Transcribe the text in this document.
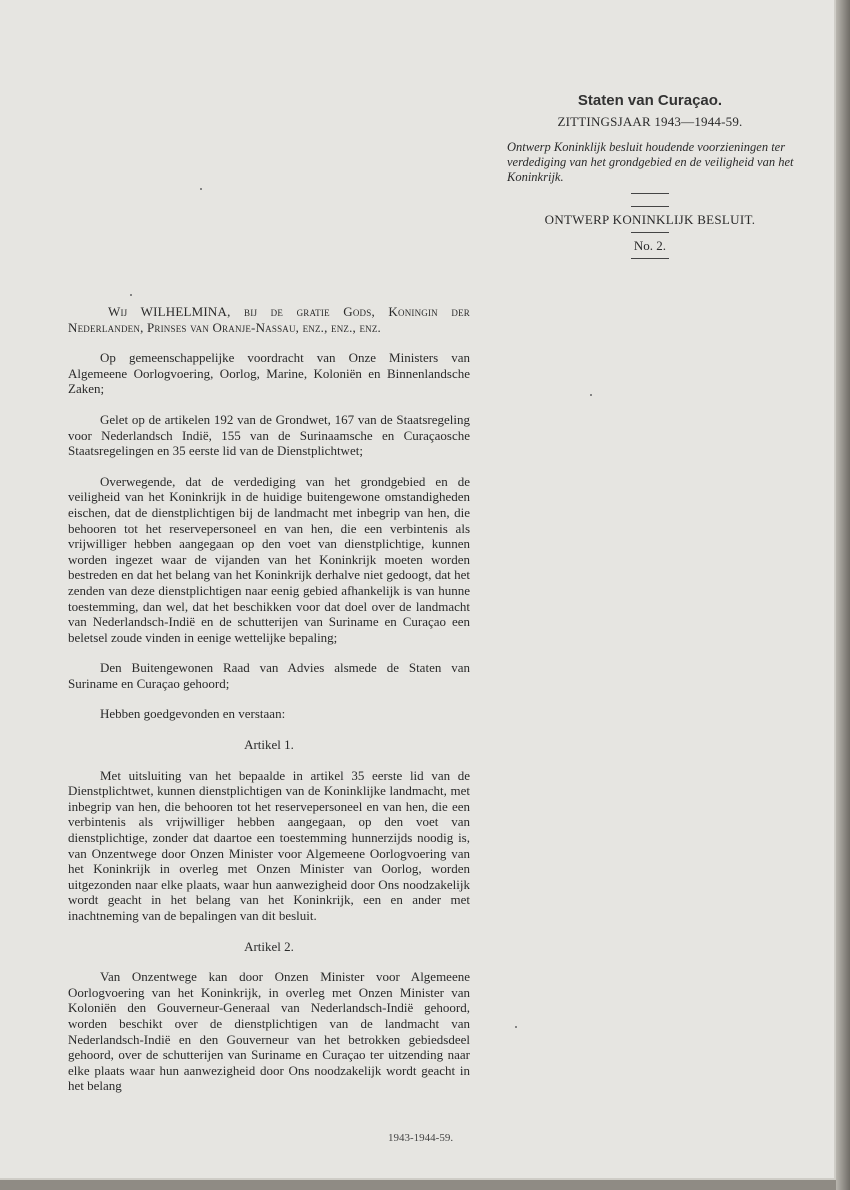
Staten van Curaçao.
ZITTINGSJAAR 1943—1944-59.
Ontwerp Koninklijk besluit houdende voorzieningen ter verdediging van het grondgebied en de veiligheid van het Koninkrijk.
ONTWERP KONINKLIJK BESLUIT.
No. 2.

Wij WILHELMINA, bij de gratie Gods, Koningin der Nederlanden, Prinses van Oranje-Nassau, enz., enz., enz.

Op gemeenschappelijke voordracht van Onze Ministers van Algemeene Oorlogvoering, Oorlog, Marine, Koloniën en Binnenlandsche Zaken;

Gelet op de artikelen 192 van de Grondwet, 167 van de Staatsregeling voor Nederlandsch Indië, 155 van de Surinaamsche en Curaçaosche Staatsregelingen en 35 eerste lid van de Dienstplichtwet;

Overwegende, dat de verdediging van het grondgebied en de veiligheid van het Koninkrijk in de huidige buitengewone omstandigheden eischen, dat de dienstplichtigen bij de landmacht met inbegrip van hen, die behooren tot het reservepersoneel en van hen, die een verbintenis als vrijwilliger hebben aangegaan op den voet van dienstplichtige, kunnen worden ingezet waar de vijanden van het Koninkrijk moeten worden bestreden en dat het belang van het Koninkrijk derhalve niet gedoogt, dat het zenden van deze dienstplichtigen naar eenig gebied afhankelijk is van hunne toestemming, dan wel, dat het beschikken voor dat doel over de landmacht van Nederlandsch-Indië en de schutterijen van Suriname en Curaçao een beletsel zoude vinden in eenige wettelijke bepaling;

Den Buitengewonen Raad van Advies alsmede de Staten van Suriname en Curaçao gehoord;

Hebben goedgevonden en verstaan:

Artikel 1.

Met uitsluiting van het bepaalde in artikel 35 eerste lid van de Dienstplichtwet, kunnen dienstplichtigen van de Koninklijke landmacht, met inbegrip van hen, die behooren tot het reservepersoneel en van hen, die een verbintenis als vrijwilliger hebben aangegaan, op den voet van dienstplichtige, zonder dat daartoe een toestemming hunnerzijds noodig is, van Onzentwege door Onzen Minister voor Algemeene Oorlogvoering van het Koninkrijk in overleg met Onzen Minister van Oorlog, worden uitgezonden naar elke plaats, waar hun aanwezigheid door Ons noodzakelijk wordt geacht in het belang van het Koninkrijk, een en ander met inachtneming van de bepalingen van dit besluit.

Artikel 2.

Van Onzentwege kan door Onzen Minister voor Algemeene Oorlogvoering van het Koninkrijk, in overleg met Onzen Minister van Koloniën den Gouverneur-Generaal van Nederlandsch-Indië gehoord, worden beschikt over de dienstplichtigen van de landmacht van Nederlandsch-Indië en den Gouverneur van het betrokken gebiedsdeel gehoord, over de schutterijen van Suriname en Curaçao ter uitzending naar elke plaats waar hun aanwezigheid door Ons noodzakelijk wordt geacht in het belang

1943-1944-59.
